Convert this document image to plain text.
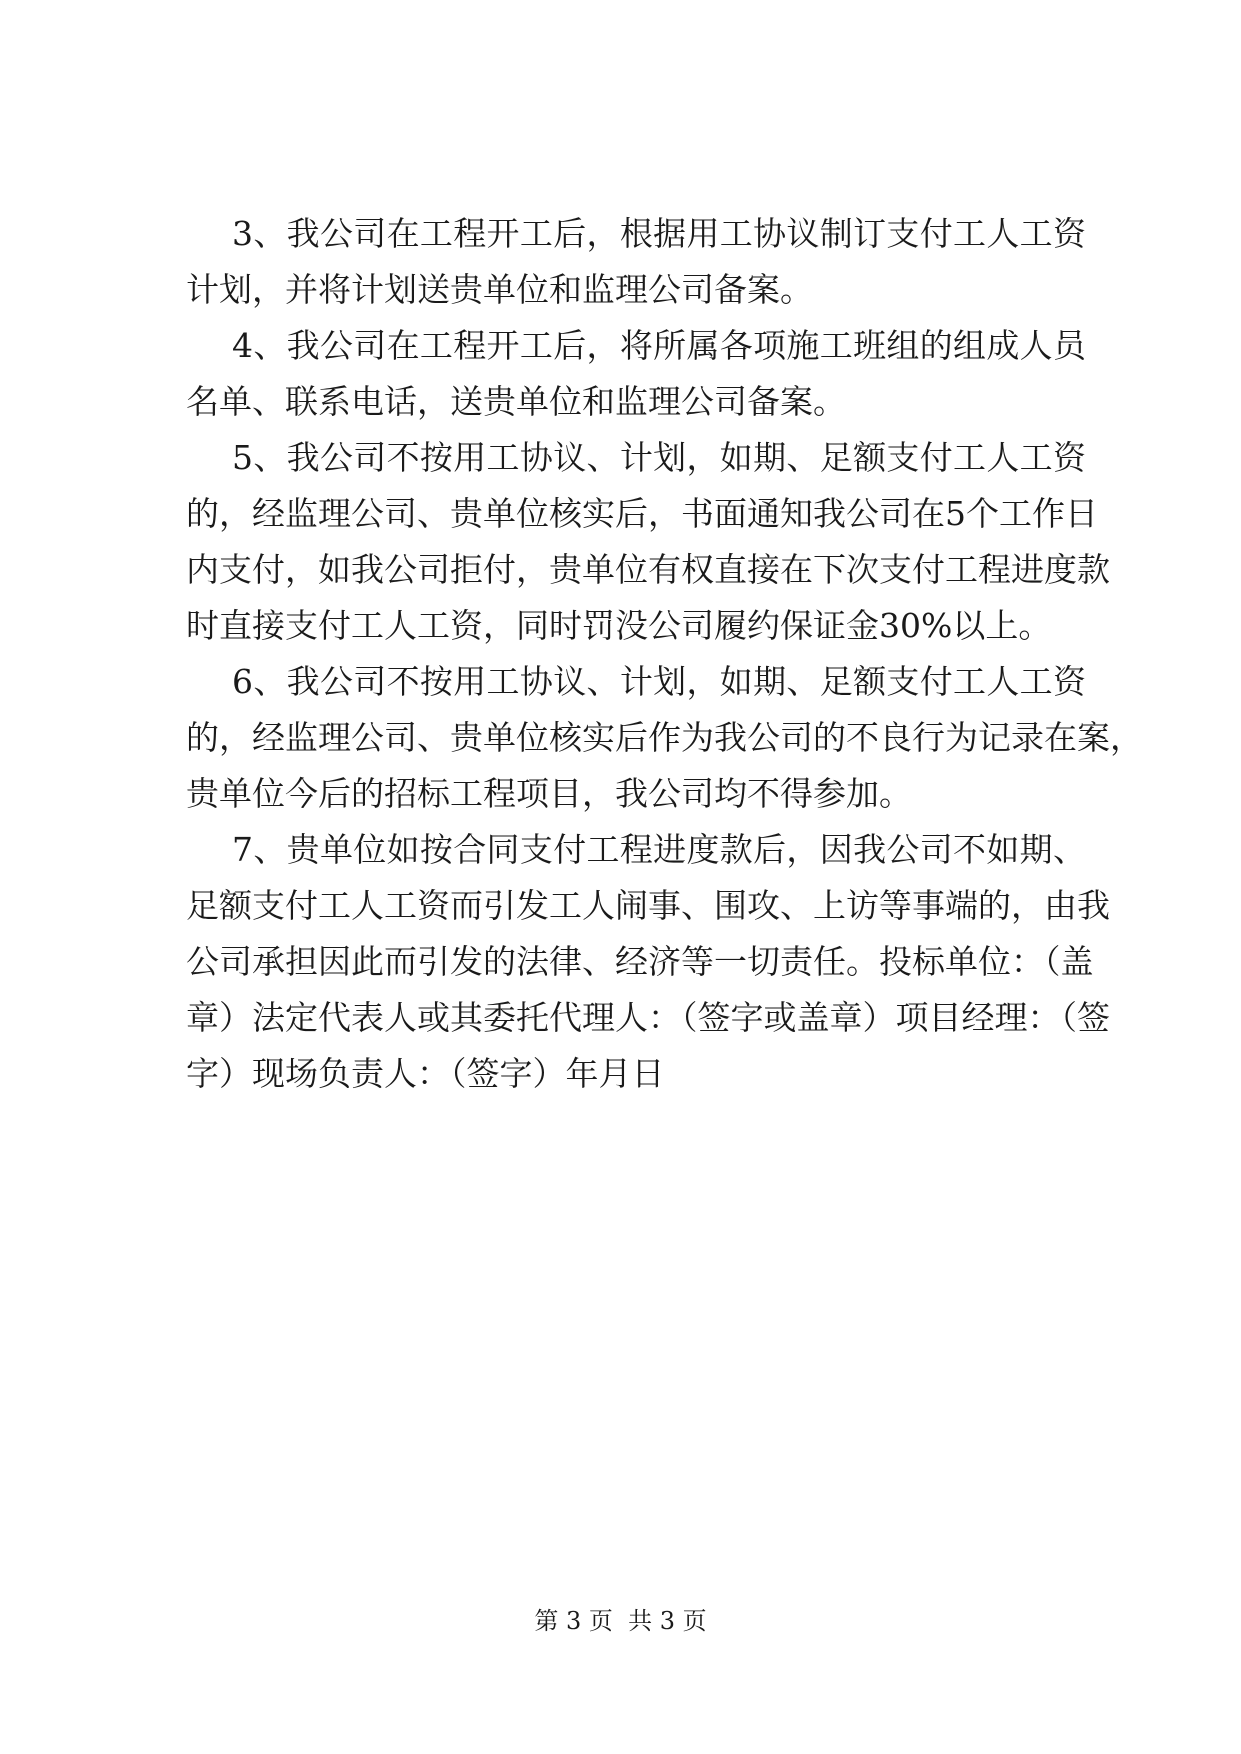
3、我公司在工程开工后，根据用工协议制订支付工人工资
计划，并将计划送贵单位和监理公司备案。
4、我公司在工程开工后，将所属各项施工班组的组成人员
名单、联系电话，送贵单位和监理公司备案。
5、我公司不按用工协议、计划，如期、足额支付工人工资
的，经监理公司、贵单位核实后，书面通知我公司在5个工作日
内支付，如我公司拒付，贵单位有权直接在下次支付工程进度款
时直接支付工人工资，同时罚没公司履约保证金30%以上。
6、我公司不按用工协议、计划，如期、足额支付工人工资
的，经监理公司、贵单位核实后作为我公司的不良行为记录在案，
贵单位今后的招标工程项目，我公司均不得参加。
7、贵单位如按合同支付工程进度款后，因我公司不如期、
足额支付工人工资而引发工人闹事、围攻、上访等事端的，由我
公司承担因此而引发的法律、经济等一切责任。投标单位：（盖
章）法定代表人或其委托代理人：（签字或盖章）项目经理：（签
字）现场负责人：（签字）年月日
第 3 页  共 3 页
